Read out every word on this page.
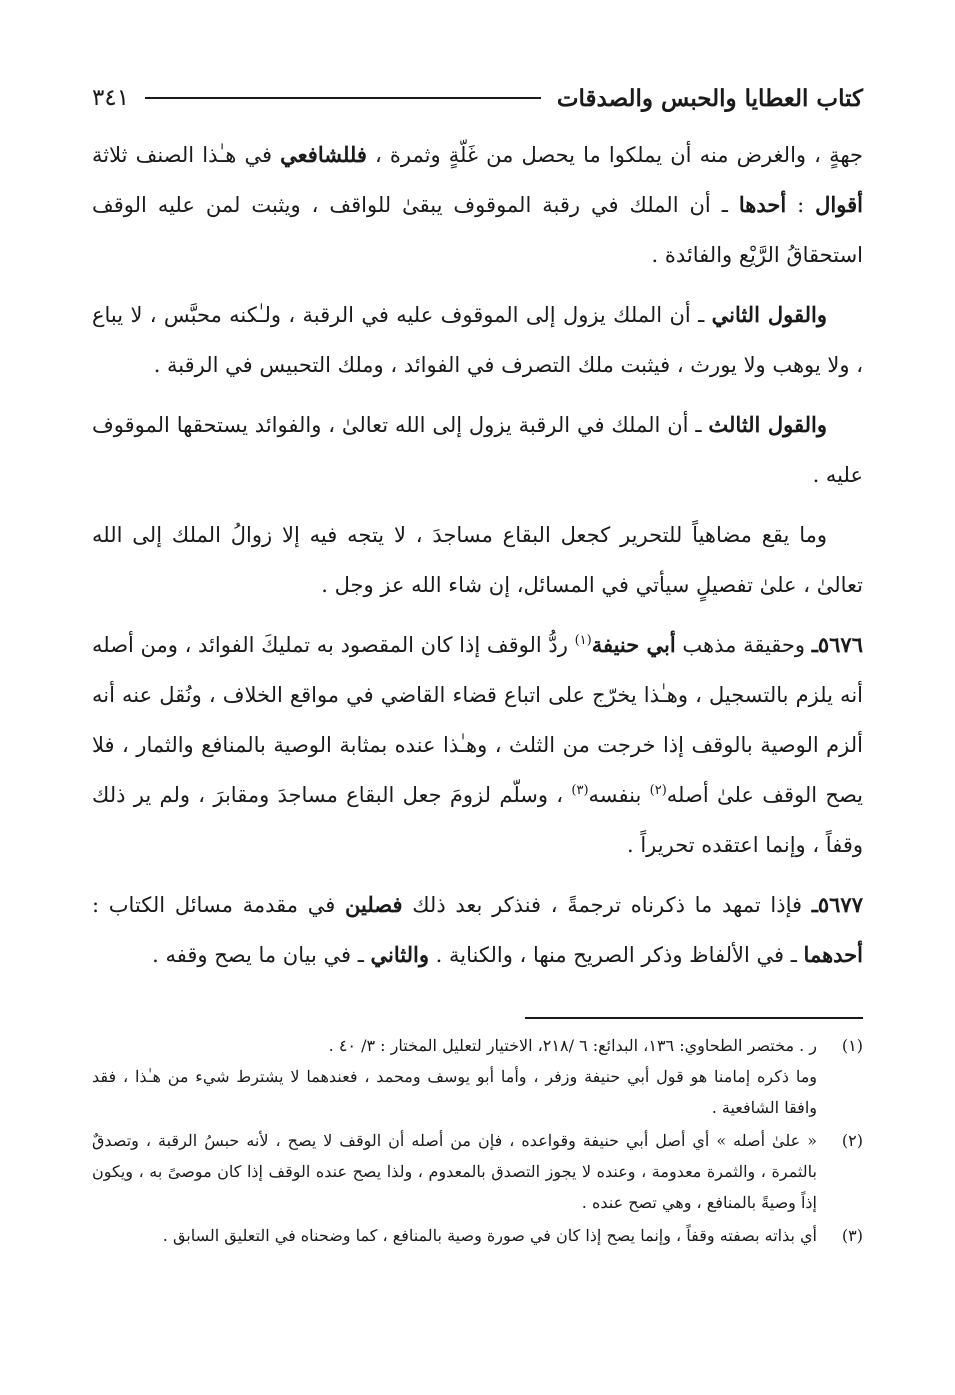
كتاب العطايا والحبس والصدقات
٣٤١

جهةٍ ، والغرض منه أن يملكوا ما يحصل من غَلّةٍ وثمرة ، فللشافعي في هـٰذا الصنف ثلاثة أقوال : أحدها ـ أن الملك في رقبة الموقوف يبقىٰ للواقف ، ويثبت لمن عليه الوقف استحقاقُ الرَّيْع والفائدة .

والقول الثاني ـ أن الملك يزول إلى الموقوف عليه في الرقبة ، ولـٰكنه محبَّس ، لا يباع ، ولا يوهب ولا يورث ، فيثبت ملك التصرف في الفوائد ، وملك التحبيس في الرقبة .

والقول الثالث ـ أن الملك في الرقبة يزول إلى الله تعالىٰ ، والفوائد يستحقها الموقوف عليه .

وما يقع مضاهياً للتحرير كجعل البقاع مساجدَ ، لا يتجه فيه إلا زوالُ الملك إلى الله تعالىٰ ، علىٰ تفصيلٍ سيأتي في المسائل، إن شاء الله عز وجل .

٥٦٧٦ـ وحقيقة مذهب أبي حنيفة$^{(١)}$ ردُّ الوقف إذا كان المقصود به تمليكَ الفوائد ، ومن أصله أنه يلزم بالتسجيل ، وهـٰذا يخرّج على اتباع قضاء القاضي في مواقع الخلاف ، ونُقل عنه أنه ألزم الوصية بالوقف إذا خرجت من الثلث ، وهـٰذا عنده بمثابة الوصية بالمنافع والثمار ، فلا يصح الوقف علىٰ أصله$^{(٢)}$ بنفسه$^{(٣)}$ ، وسلّم لزومَ جعل البقاع مساجدَ ومقابرَ ، ولم ير ذلك وقفاً ، وإنما اعتقده تحريراً .

٥٦٧٧ـ فإذا تمهد ما ذكرناه ترجمةً ، فنذكر بعد ذلك فصلين في مقدمة مسائل الكتاب : أحدهما ـ في الألفاظ وذكر الصريح منها ، والكناية . والثاني ـ في بيان ما يصح وقفه .

(١)
ر . مختصر الطحاوي: ١٣٦، البدائع: ٦ /٢١٨، الاختيار لتعليل المختار : ٣/ ٤٠ .
وما ذكره إمامنا هو قول أبي حنيفة وزفر ، وأما أبو يوسف ومحمد ، فعندهما لا يشترط شيء من هـٰذا ، فقد وافقا الشافعية .
(٢)
« علىٰ أصله » أي أصل أبي حنيفة وقواعده ، فإن من أصله أن الوقف لا يصح ، لأنه حبسُ الرقبة ، وتصدقٌ بالثمرة ، والثمرة معدومة ، وعنده لا يجوز التصدق بالمعدوم ، ولذا يصح عنده الوقف إذا كان موصىً به ، ويكون إذاً وصيةً بالمنافع ، وهي تصح عنده .
(٣)
أي بذاته بصفته وقفاً ، وإنما يصح إذا كان في صورة وصية بالمنافع ، كما وضحناه في التعليق السابق .
